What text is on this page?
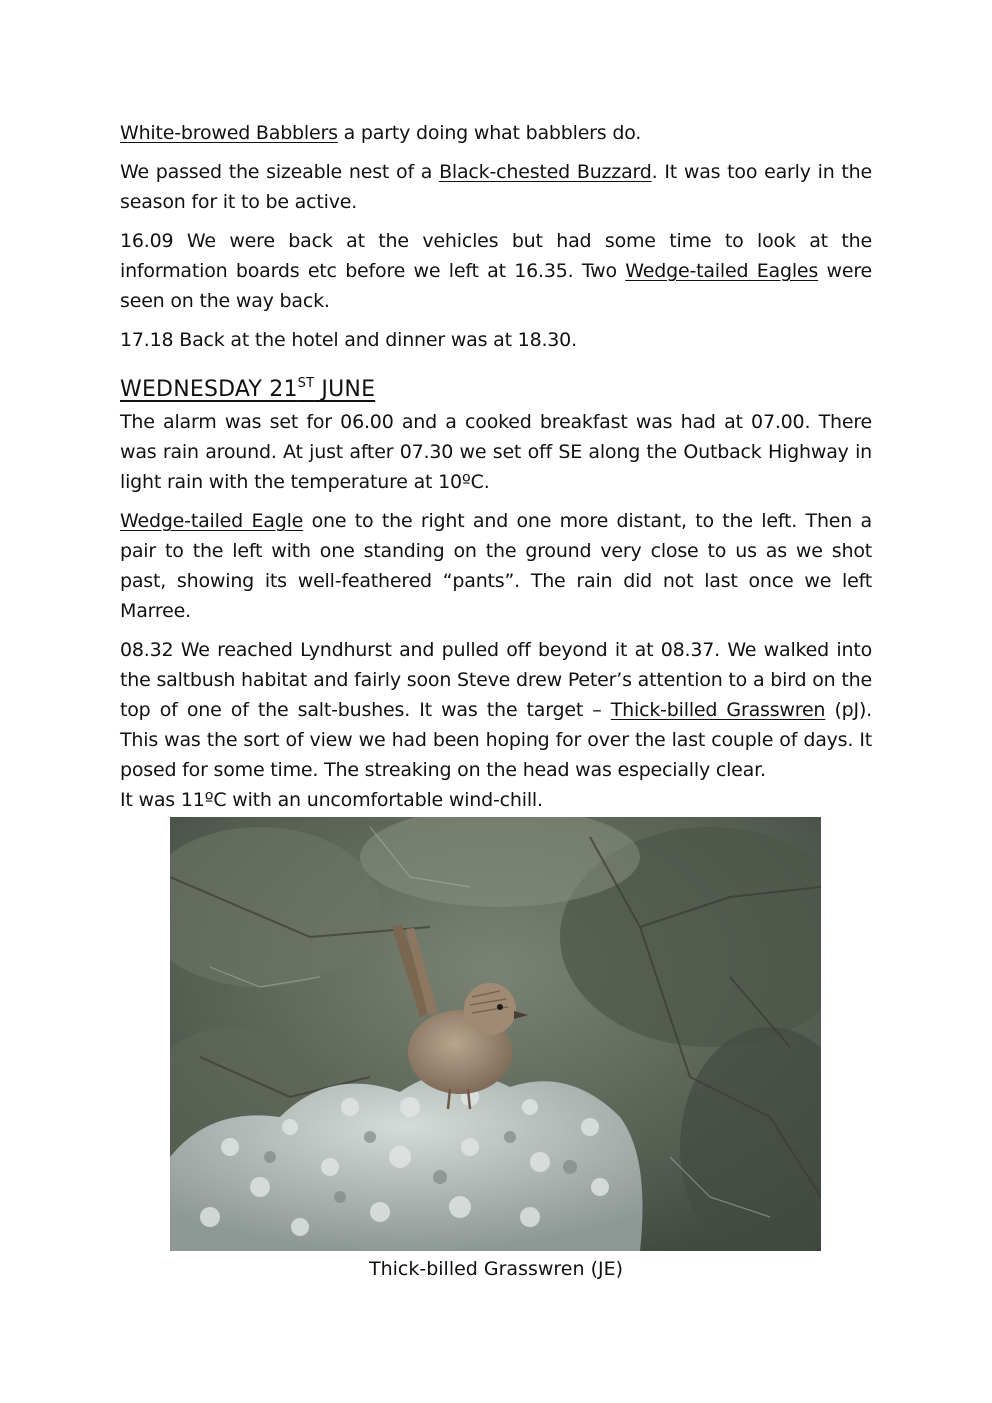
White-browed Babblers a party doing what babblers do.

We passed the sizeable nest of a Black-chested Buzzard. It was too early in the season for it to be active.

16.09 We were back at the vehicles but had some time to look at the information boards etc before we left at 16.35. Two Wedge-tailed Eagles were seen on the way back.

17.18 Back at the hotel and dinner was at 18.30.

WEDNESDAY 21ST JUNE

The alarm was set for 06.00 and a cooked breakfast was had at 07.00. There was rain around. At just after 07.30 we set off SE along the Outback Highway in light rain with the temperature at 10ºC.

Wedge-tailed Eagle one to the right and one more distant, to the left. Then a pair to the left with one standing on the ground very close to us as we shot past, showing its well-feathered “pants”. The rain did not last once we left Marree.

08.32 We reached Lyndhurst and pulled off beyond it at 08.37. We walked into the saltbush habitat and fairly soon Steve drew Peter’s attention to a bird on the top of one of the salt-bushes. It was the target – Thick-billed Grasswren (pJ). This was the sort of view we had been hoping for over the last couple of days. It posed for some time. The streaking on the head was especially clear.

It was 11ºC with an uncomfortable wind-chill.

Thick-billed Grasswren (JE)
